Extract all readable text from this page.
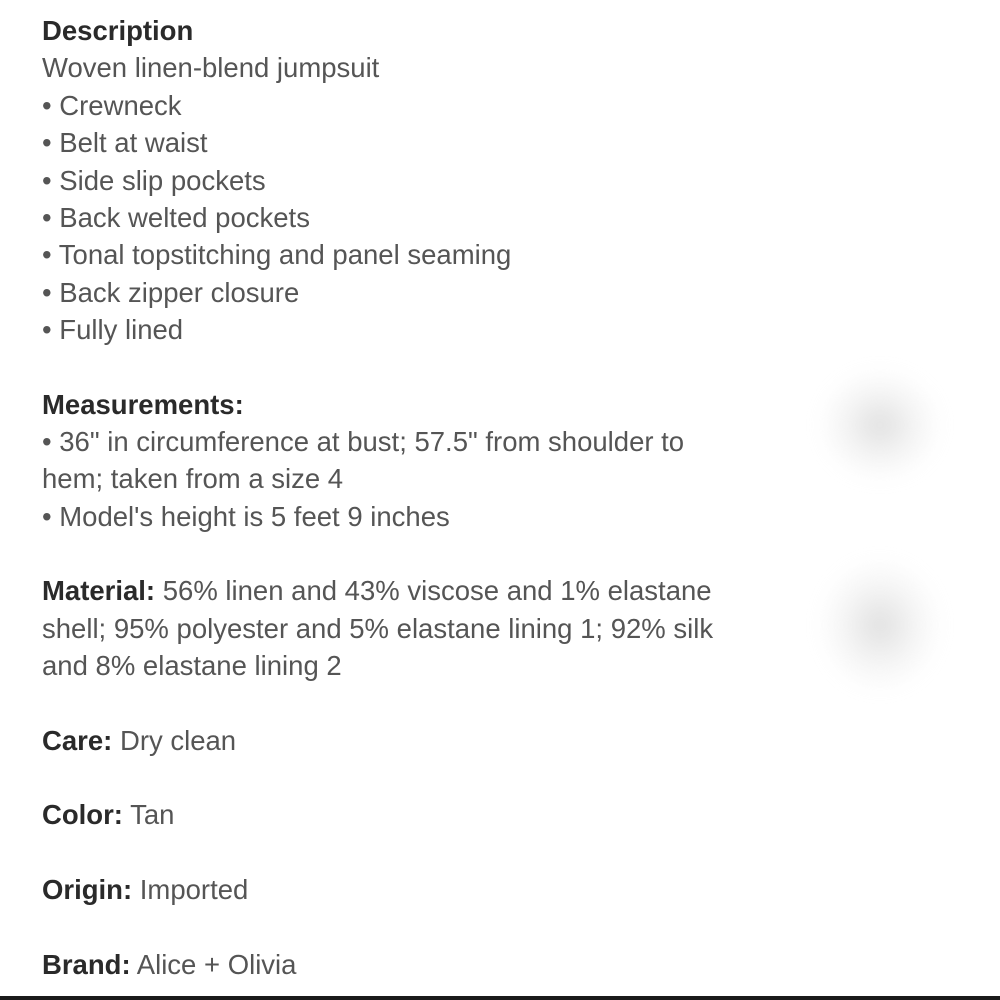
Description
Woven linen-blend jumpsuit
• Crewneck
• Belt at waist
• Side slip pockets
• Back welted pockets
• Tonal topstitching and panel seaming
• Back zipper closure
• Fully lined
Measurements:
• 36" in circumference at bust; 57.5" from shoulder to
hem; taken from a size 4
• Model's height is 5 feet 9 inches
Material: 56% linen and 43% viscose and 1% elastane
shell; 95% polyester and 5% elastane lining 1; 92% silk
and 8% elastane lining 2
Care: Dry clean
Color: Tan
Origin: Imported
Brand: Alice + Olivia
